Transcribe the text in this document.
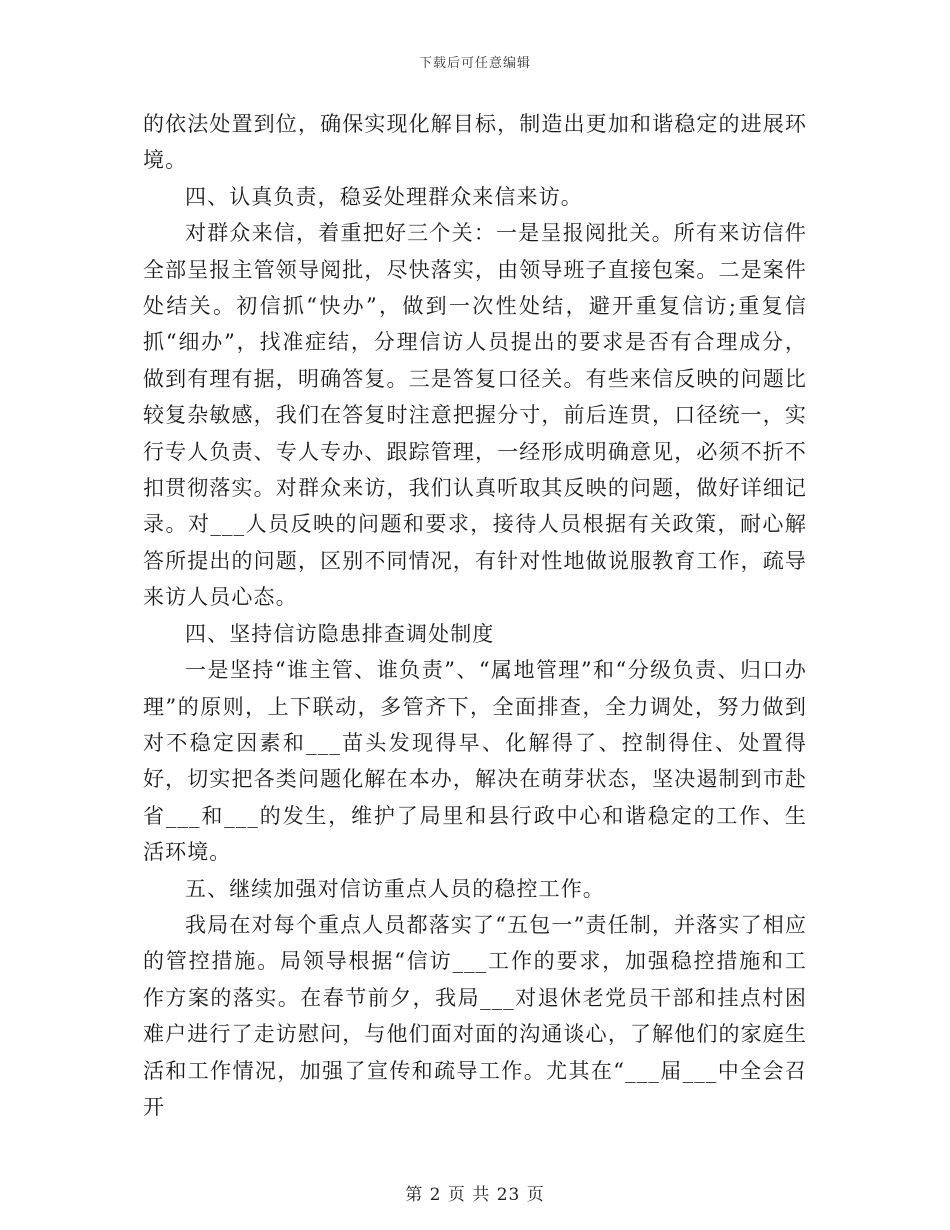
下载后可任意编辑

的依法处置到位，确保实现化解目标，制造出更加和谐稳定的进展环境。

四、认真负责，稳妥处理群众来信来访。

对群众来信，着重把好三个关：一是呈报阅批关。所有来访信件全部呈报主管领导阅批，尽快落实，由领导班子直接包案。二是案件处结关。初信抓“快办”，做到一次性处结，避开重复信访;重复信抓“细办”，找准症结，分理信访人员提出的要求是否有合理成分，做到有理有据，明确答复。三是答复口径关。有些来信反映的问题比较复杂敏感，我们在答复时注意把握分寸，前后连贯，口径统一，实行专人负责、专人专办、跟踪管理，一经形成明确意见，必须不折不扣贯彻落实。对群众来访，我们认真听取其反映的问题，做好详细记录。对___人员反映的问题和要求，接待人员根据有关政策，耐心解答所提出的问题，区别不同情况，有针对性地做说服教育工作，疏导来访人员心态。

四、坚持信访隐患排查调处制度

一是坚持“谁主管、谁负责”、“属地管理”和“分级负责、归口办理”的原则，上下联动，多管齐下，全面排查，全力调处，努力做到对不稳定因素和___苗头发现得早、化解得了、控制得住、处置得好，切实把各类问题化解在本办，解决在萌芽状态，坚决遏制到市赴省___和___的发生，维护了局里和县行政中心和谐稳定的工作、生活环境。

五、继续加强对信访重点人员的稳控工作。

我局在对每个重点人员都落实了“五包一”责任制，并落实了相应的管控措施。局领导根据“信访___工作的要求，加强稳控措施和工作方案的落实。在春节前夕，我局___对退休老党员干部和挂点村困难户进行了走访慰问，与他们面对面的沟通谈心，了解他们的家庭生活和工作情况，加强了宣传和疏导工作。尤其在“___届___中全会召开

第 2 页 共 23 页
